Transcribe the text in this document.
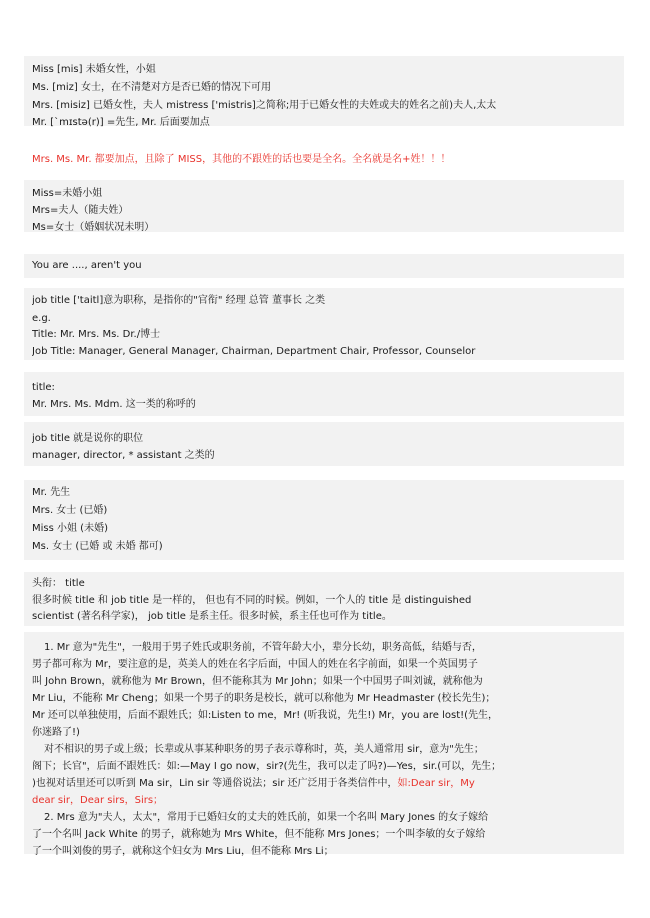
Miss [mis] 未婚女性，小姐
Ms. [miz] 女士，在不清楚对方是否已婚的情况下可用
Mrs. [misiz] 已婚女性，夫人 mistress ['mistris]之简称;用于已婚女性的夫姓或夫的姓名之前)夫人,太太
Mr. [`mɪstə(r)] =先生, Mr. 后面要加点
Mrs. Ms. Mr. 都要加点，且除了 MISS，其他的不跟姓的话也要是全名。全名就是名+姓！！！
Miss=未婚小姐
Mrs=夫人（随夫姓）
Ms=女士（婚姻状况未明）
You are ...., aren't you
job title ['taitl]意为职称，是指你的"官衔" 经理 总管 董事长 之类
e.g.
Title: Mr. Mrs. Ms. Dr./博士
Job Title: Manager, General Manager, Chairman, Department Chair, Professor, Counselor
title:
Mr. Mrs. Ms. Mdm. 这一类的称呼的
job title 就是说你的职位
manager, director, * assistant 之类的
Mr. 先生
Mrs. 女士 (已婚)
Miss 小姐 (未婚)
Ms. 女士 (已婚 或 未婚 都可)
头衔： title
很多时候 title 和 job title 是一样的， 但也有不同的时候。例如，一个人的 title 是 distinguished
scientist (著名科学家)， job title 是系主任。很多时候，系主任也可作为 title。
1. Mr 意为"先生"，一般用于男子姓氏或职务前，不管年龄大小，辈分长幼，职务高低，结婚与否，
男子都可称为 Mr，要注意的是，英美人的姓在名字后面，中国人的姓在名字前面，如果一个英国男子
叫 John Brown，就称他为 Mr Brown，但不能称其为 Mr John；如果一个中国男子叫刘诚，就称他为
Mr Liu，不能称 Mr Cheng；如果一个男子的职务是校长，就可以称他为 Mr Headmaster (校长先生)；
Mr 还可以单独使用，后面不跟姓氏；如:Listen to me，Mr! (听我说，先生!) Mr，you are lost!(先生，
你迷路了!)
对不相识的男子或上级；长辈或从事某种职务的男子表示尊称时，英，美人通常用 sir，意为"先生；
阁下；长官"，后面不跟姓氏：如:—May I go now，sir?(先生，我可以走了吗?)—Yes，sir.(可以，先生；
)也视对话里还可以听到 Ma sir，Lin sir 等通俗说法；sir 还广泛用于各类信件中，如:Dear sir，My
dear sir，Dear sirs，Sirs；
2. Mrs 意为"夫人，太太"，常用于已婚妇女的丈夫的姓氏前，如果一个名叫 Mary Jones 的女子嫁给
了一个名叫 Jack White 的男子，就称她为 Mrs White，但不能称 Mrs Jones；一个叫李敏的女子嫁给
了一个叫刘俊的男子，就称这个妇女为 Mrs Liu，但不能称 Mrs Li；
